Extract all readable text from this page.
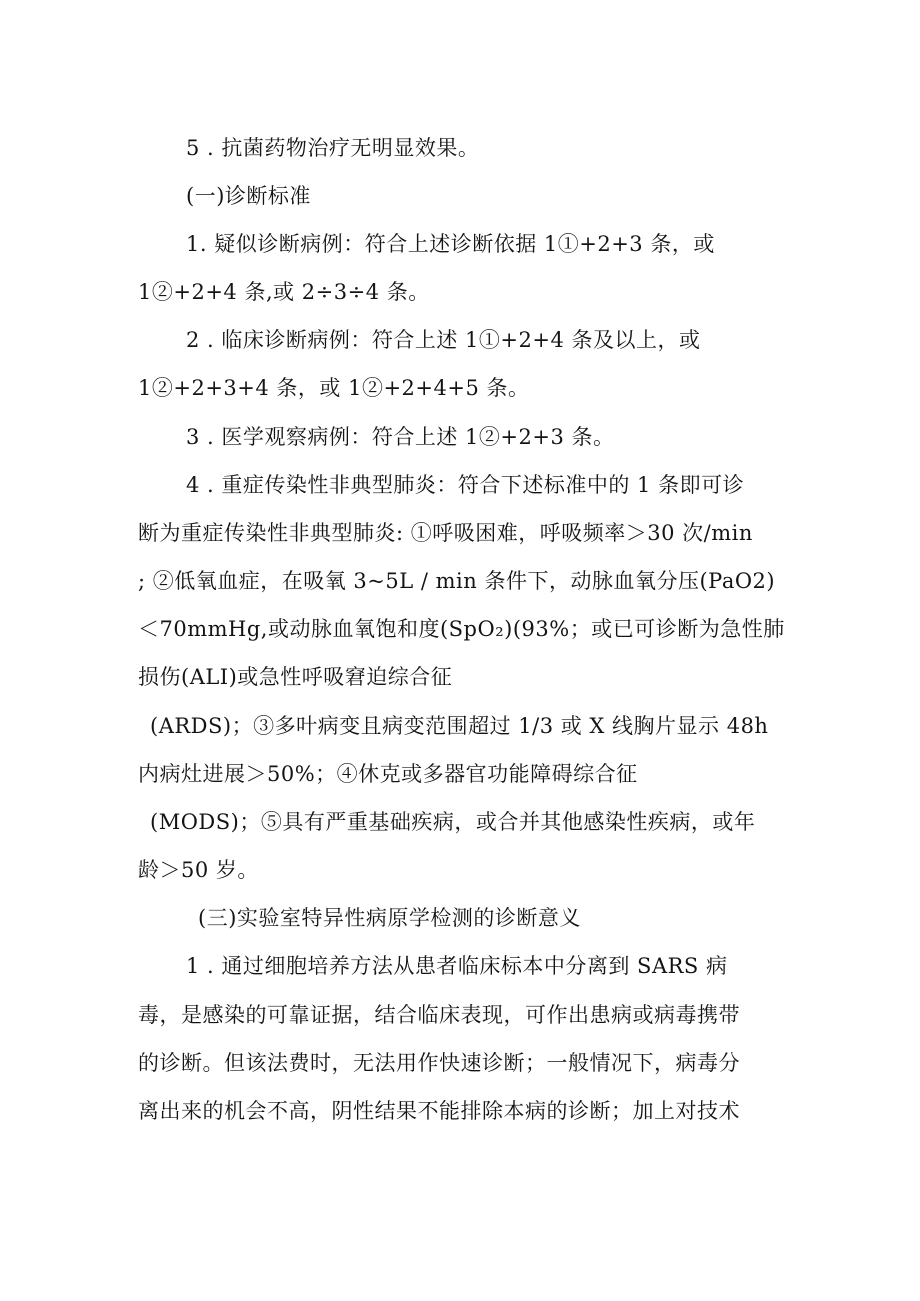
5 . 抗菌药物治疗无明显效果。
(一)诊断标准
1. 疑似诊断病例：符合上述诊断依据 1①+2+3 条，或
1②+2+4 条,或 2÷3÷4 条。
2 . 临床诊断病例：符合上述 1①+2+4 条及以上，或
1②+2+3+4 条，或 1②+2+4+5 条。
3 . 医学观察病例：符合上述 1②+2+3 条。
4 . 重症传染性非典型肺炎：符合下述标准中的 1 条即可诊
断为重症传染性非典型肺炎: ①呼吸困难，呼吸频率＞30 次/min
; ②低氧血症，在吸氧 3~5L / min 条件下，动脉血氧分压(PaO2)
＜70mmHg,或动脉血氧饱和度(SpO₂)(93%；或已可诊断为急性肺
损伤(ALI)或急性呼吸窘迫综合征
(ARDS)；③多叶病变且病变范围超过 1/3 或 X 线胸片显示 48h
内病灶进展＞50%；④休克或多器官功能障碍综合征
(MODS)；⑤具有严重基础疾病，或合并其他感染性疾病，或年
龄＞50 岁。
(三)实验室特异性病原学检测的诊断意义
1 . 通过细胞培养方法从患者临床标本中分离到 SARS 病
毒，是感染的可靠证据，结合临床表现，可作出患病或病毒携带
的诊断。但该法费时，无法用作快速诊断；一般情况下，病毒分
离出来的机会不高，阴性结果不能排除本病的诊断；加上对技术
